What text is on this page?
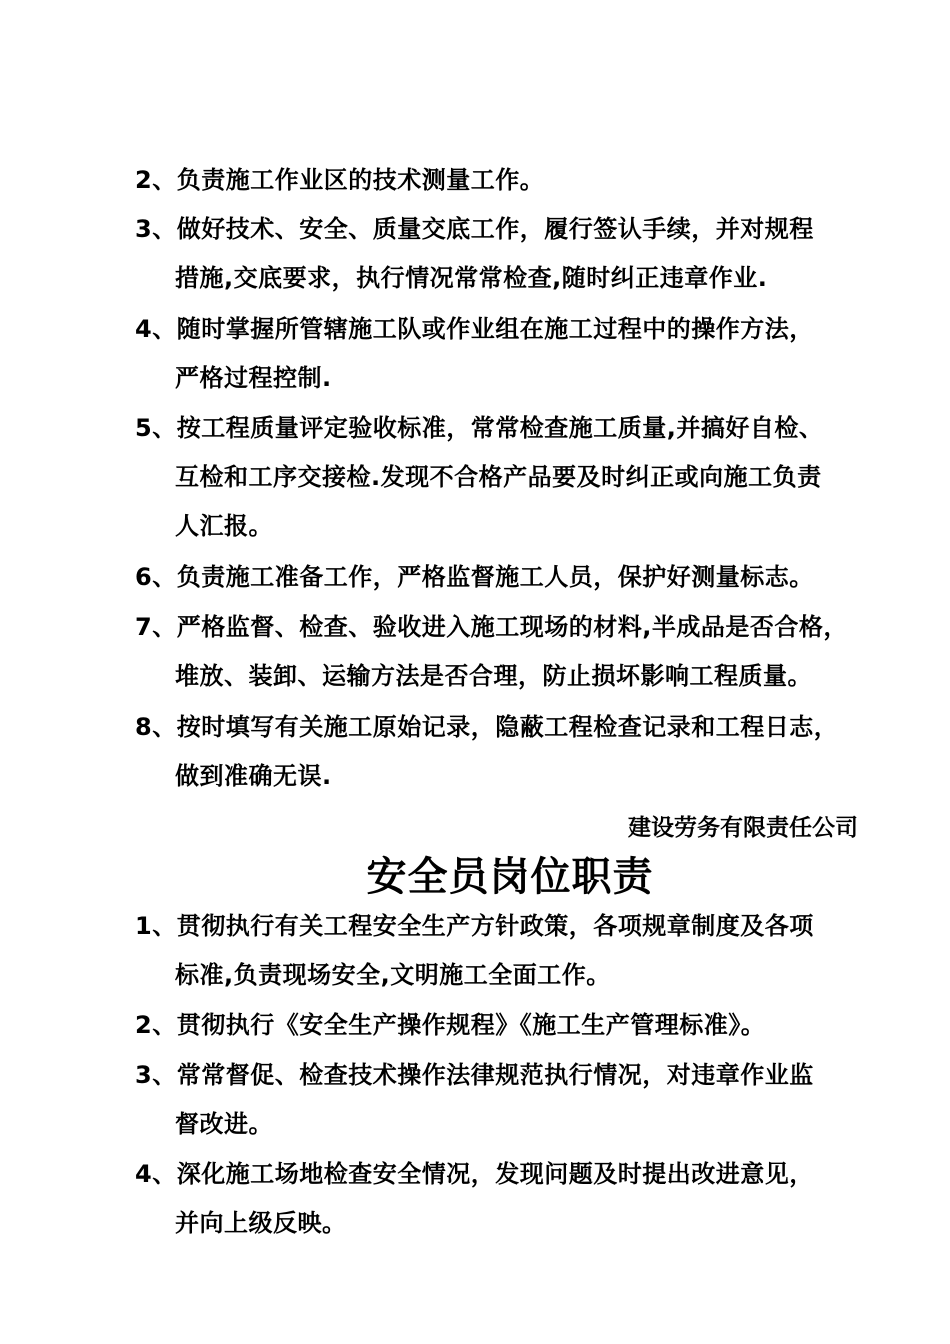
2、负责施工作业区的技术测量工作。
3、做好技术、安全、质量交底工作，履行签认手续，并对规程
措施,交底要求，执行情况常常检查,随时纠正违章作业.
4、随时掌握所管辖施工队或作业组在施工过程中的操作方法，
严格过程控制.
5、按工程质量评定验收标准，常常检查施工质量,并搞好自检、
互检和工序交接检.发现不合格产品要及时纠正或向施工负责
人汇报。
6、负责施工准备工作，严格监督施工人员，保护好测量标志。
7、严格监督、检查、验收进入施工现场的材料,半成品是否合格，
堆放、装卸、运输方法是否合理，防止损坏影响工程质量。
8、按时填写有关施工原始记录，隐蔽工程检查记录和工程日志，
做到准确无误.
建设劳务有限责任公司
安全员岗位职责
1、贯彻执行有关工程安全生产方针政策，各项规章制度及各项
标准,负责现场安全,文明施工全面工作。
2、贯彻执行《安全生产操作规程》《施工生产管理标准》。
3、常常督促、检查技术操作法律规范执行情况，对违章作业监
督改进。
4、深化施工场地检查安全情况，发现问题及时提出改进意见，
并向上级反映。
